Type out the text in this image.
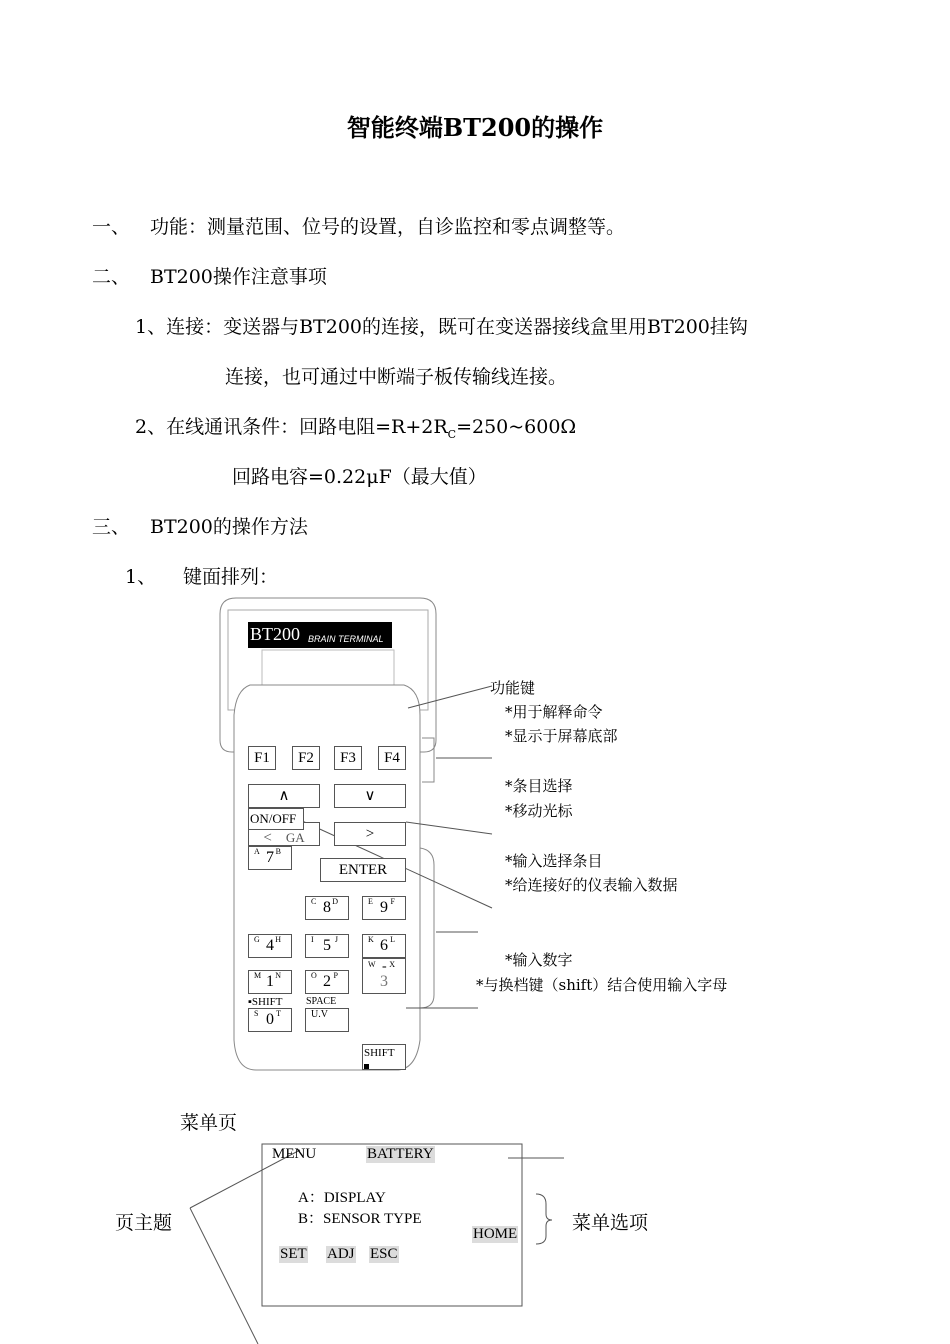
智能终端BT200的操作
一、 功能：测量范围、位号的设置，自诊监控和零点调整等。
二、 BT200操作注意事项
1、连接：变送器与BT200的连接，既可在变送器接线盒里用BT200挂钩
连接，也可通过中断端子板传输线连接。
2、在线通讯条件：回路电阻$=R+2R_C=250\sim 600\Omega$
回路电容=0.22μF（最大值）
三、 BT200的操作方法
1、 键面排列：
BT200 BRAIN TERMINAL
F1	F2	F3	F4
∧	∨
< GA	>
ON/OFF
ENTER
A 7 B
C 8 D	E 9 F
G 4 H	I 5 J	K 6 L
M 1 N	O 2 P
W - X
3
▪SHIFT
S 0 T
SPACE
U.V
SHIFT
功能键
*用于解释命令
*显示于屏幕底部
*条目选择
*移动光标
*输入选择条目
*给连接好的仪表输入数据
*输入数字
*与换档键（shift）结合使用输入字母
菜单页
MENU	BATTERY
A：DISPLAY
B：SENSOR TYPE
HOME
SET ADJ ESC
页主题	菜单选项
